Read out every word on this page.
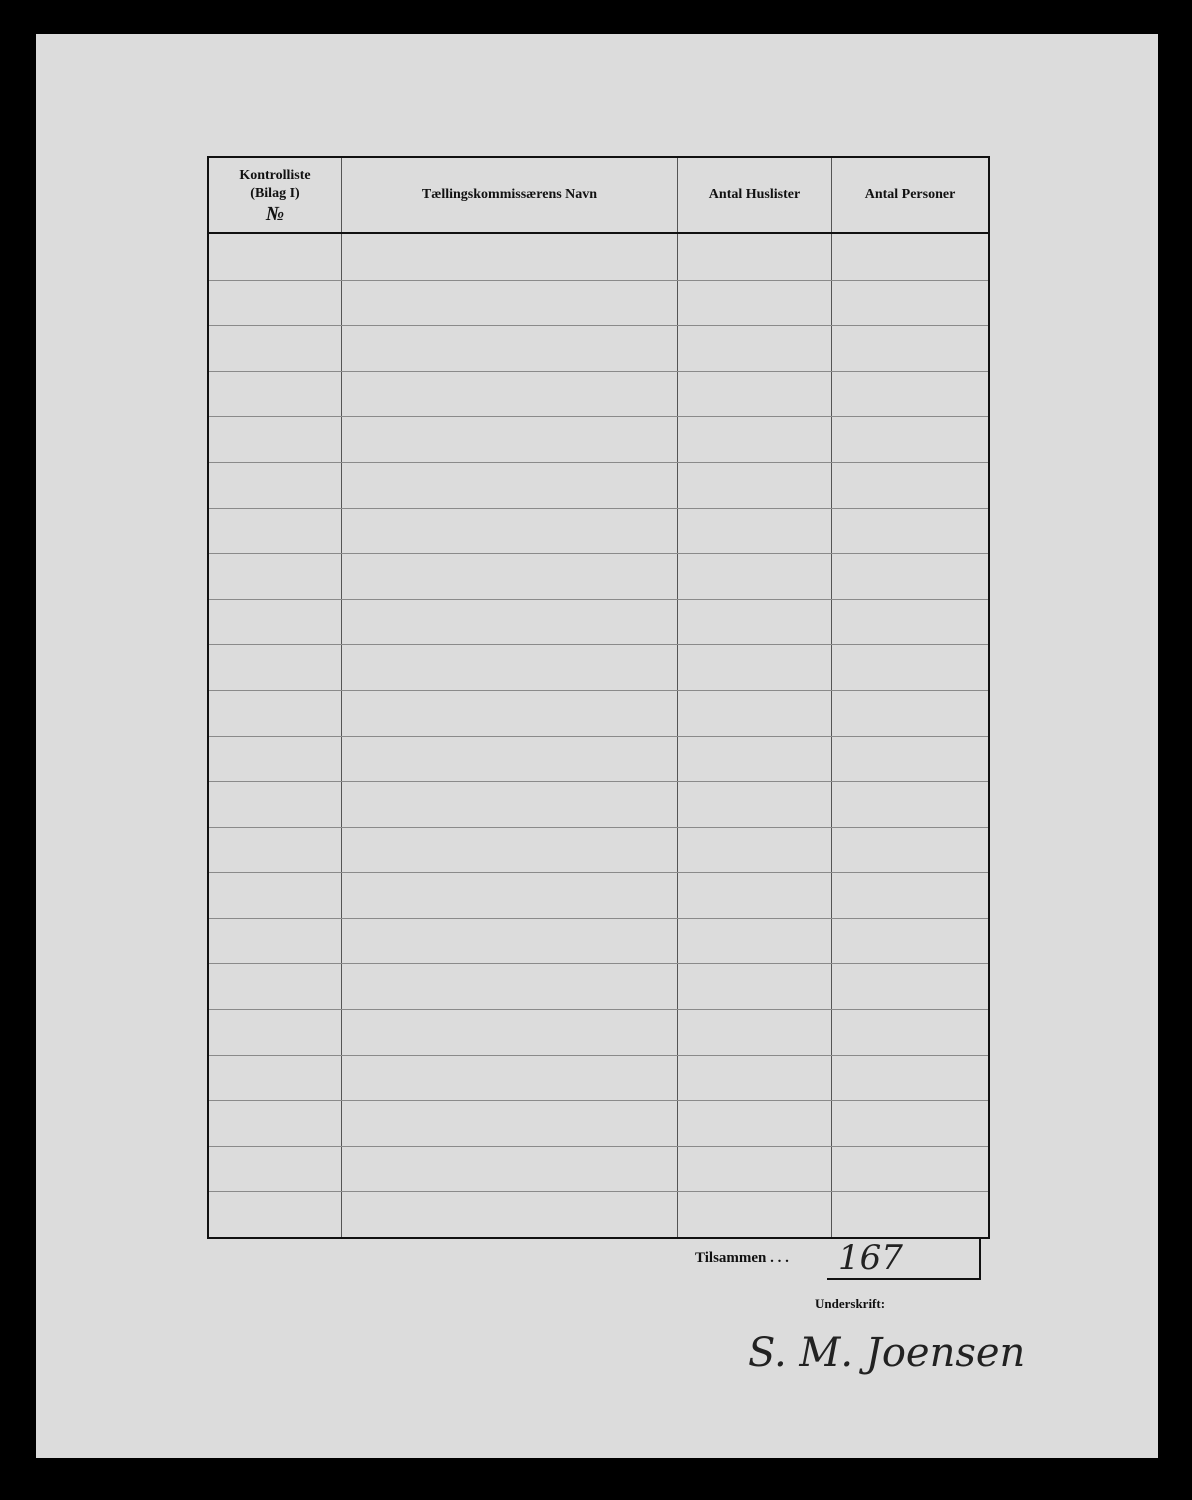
Kontrolliste
(Bilag I)
№
Tællingskommissærens Navn	Antal Huslister	Antal Personer
Tilsammen . . . 167
Underskrift:
S. M. Joensen
